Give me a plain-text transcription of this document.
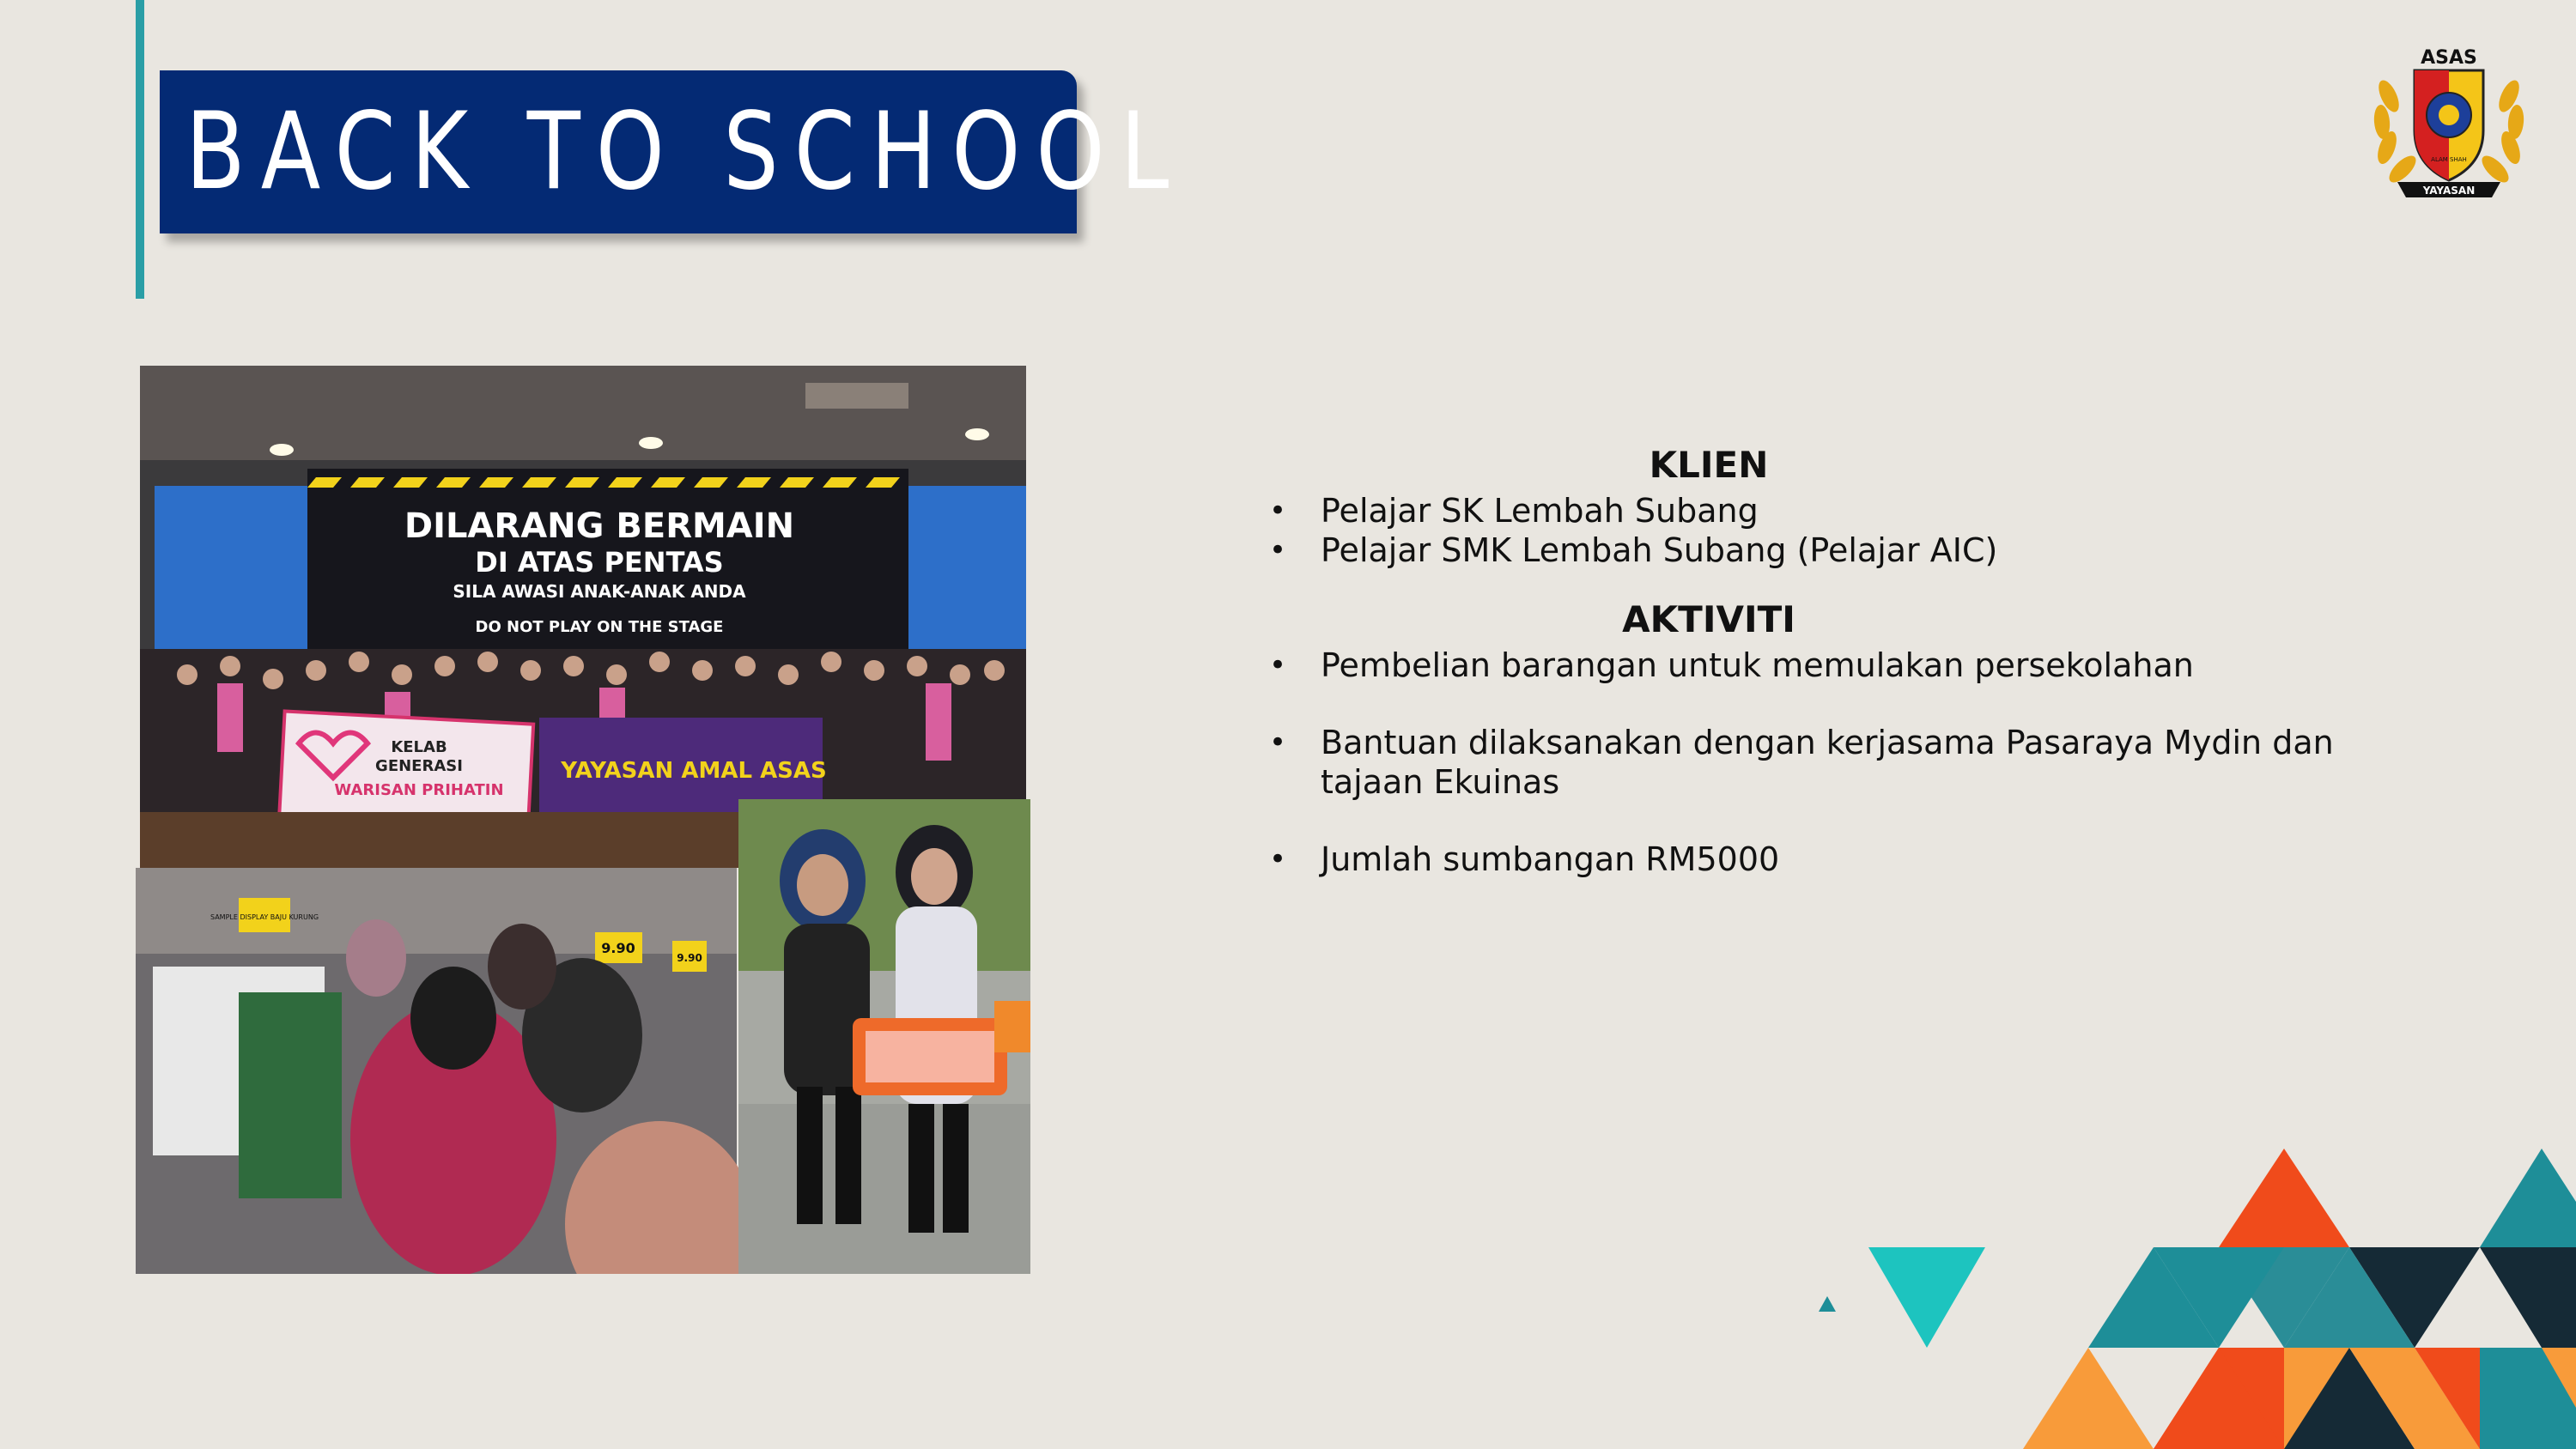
BACK TO SCHOOL	YAYASAN
ASAS
ALAM SHAH
DILARANG BERMAIN
DI ATAS PENTAS
SILA AWASI ANAK-ANAK ANDA
DO NOT PLAY ON THE STAGE
KELAB
GENERASI
WARISAN PRIHATIN
YAYASAN AMAL ASAS
SAMPLE DISPLAY BAJU KURUNG
9.90
9.90
KLIEN
• Pelajar SK Lembah Subang
• Pelajar SMK Lembah Subang (Pelajar AIC)
AKTIVITI
• Pembelian barangan untuk memulakan persekolahan
• Bantuan dilaksanakan dengan kerjasama Pasaraya Mydin dan tajaan Ekuinas
• Jumlah sumbangan RM5000
